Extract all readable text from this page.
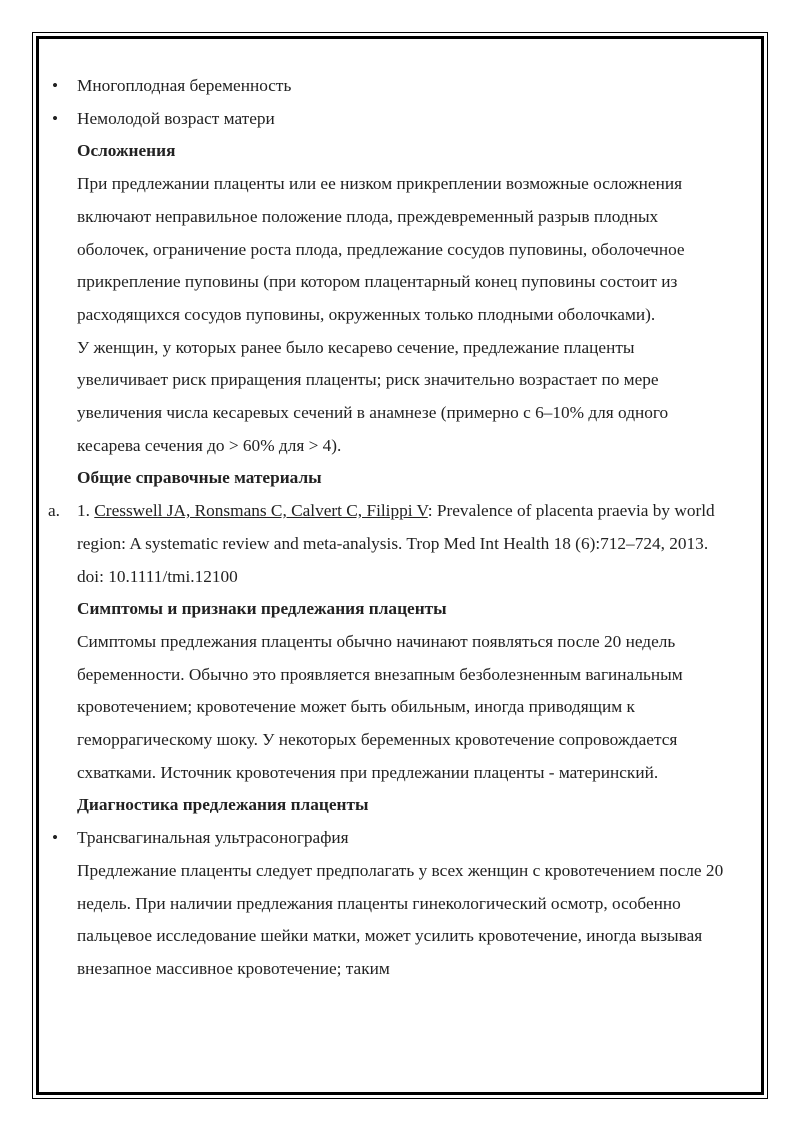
• Многоплодная беременность

• Немолодой возраст матери

Осложнения

При предлежании плаценты или ее низком прикреплении возможные осложнения включают неправильное положение плода, преждевременный разрыв плодных оболочек, ограничение роста плода, предлежание сосудов пуповины, оболочечное прикрепление пуповины (при котором плацентарный конец пуповины состоит из расходящихся сосудов пуповины, окруженных только плодными оболочками).

У женщин, у которых ранее было кесарево сечение, предлежание плаценты увеличивает риск приращения плаценты; риск значительно возрастает по мере увеличения числа кесаревых сечений в анамнезе (примерно с 6–10% для одного кесарева сечения до > 60% для > 4).

Общие справочные материалы

a. 1. Cresswell JA, Ronsmans C, Calvert C, Filippi V: Prevalence of placenta praevia by world region: A systematic review and meta-analysis. Trop Med Int Health 18 (6):712–724, 2013. doi: 10.1111/tmi.12100

Симптомы и признаки предлежания плаценты

Симптомы предлежания плаценты обычно начинают появляться после 20 недель беременности. Обычно это проявляется внезапным безболезненным вагинальным кровотечением; кровотечение может быть обильным, иногда приводящим к геморрагическому шоку. У некоторых беременных кровотечение сопровождается схватками. Источник кровотечения при предлежании плаценты - материнский.

Диагностика предлежания плаценты

• Трансвагинальная ультрасонография

Предлежание плаценты следует предполагать у всех женщин с кровотечением после 20 недель. При наличии предлежания плаценты гинекологический осмотр, особенно пальцевое исследование шейки матки, может усилить кровотечение, иногда вызывая внезапное массивное кровотечение; таким
